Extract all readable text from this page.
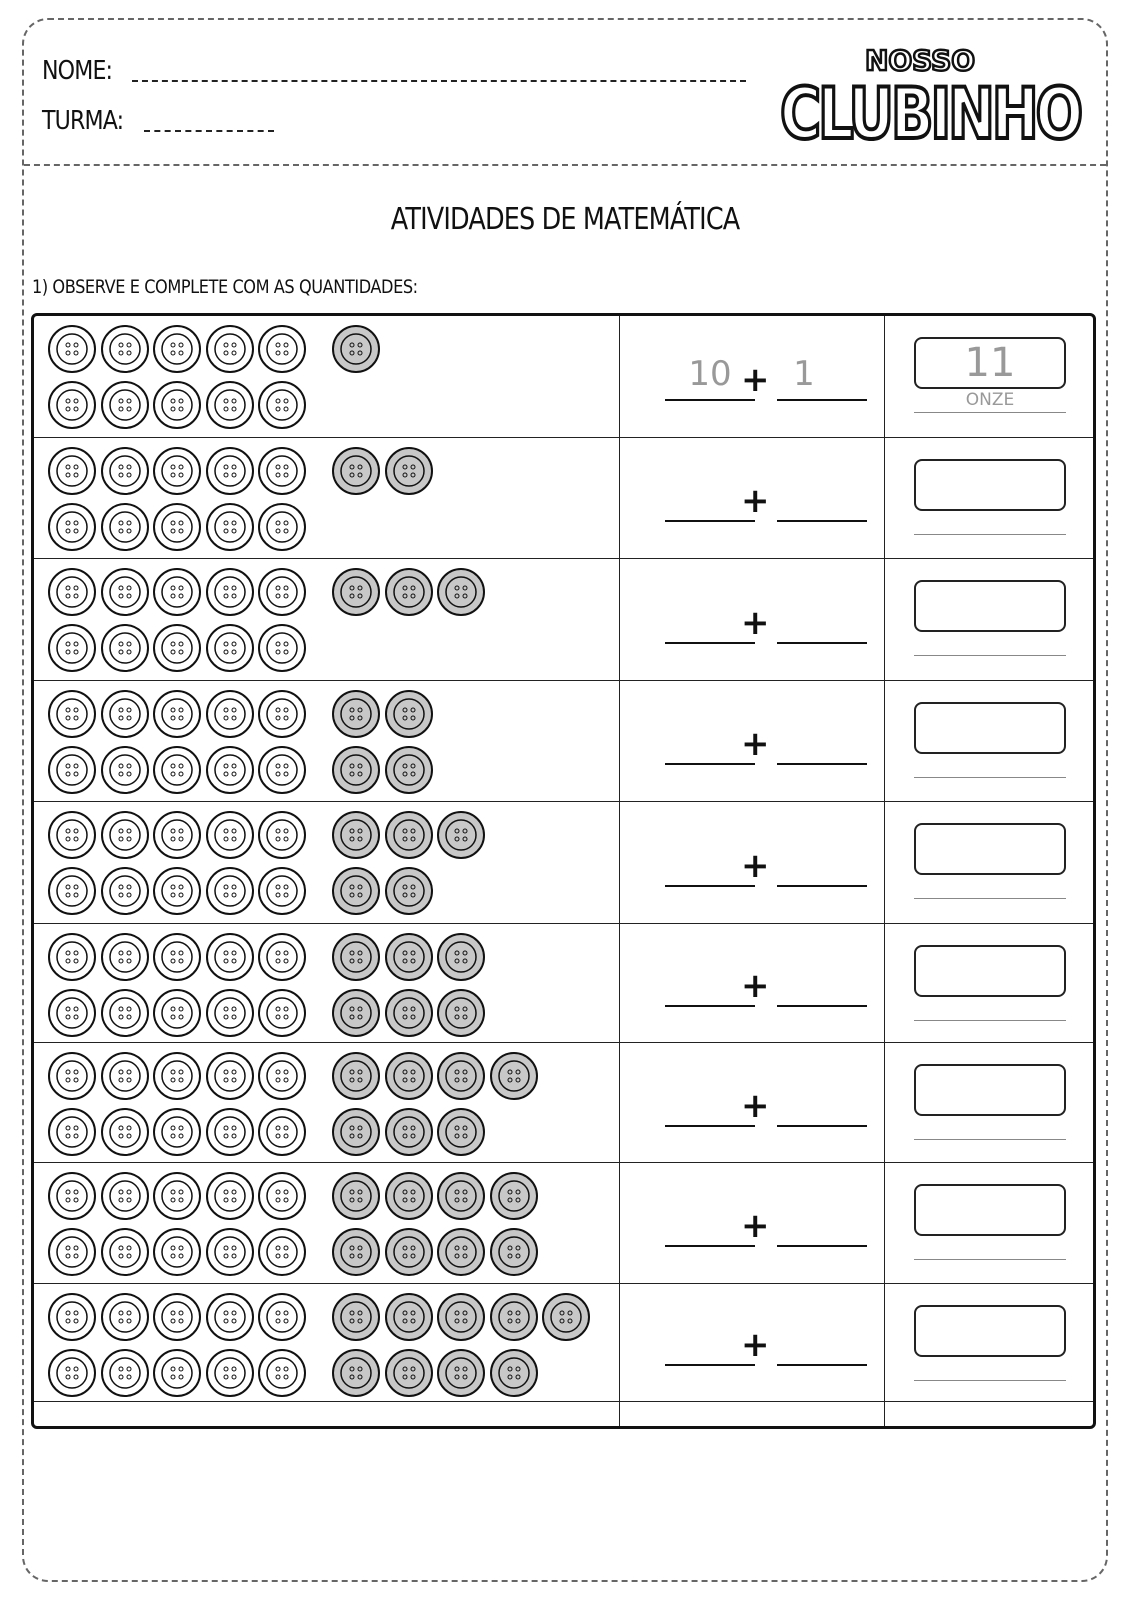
NOME:
TURMA:
NOSSO
CLUBINHO
ATIVIDADES DE MATEMÁTICA
1) OBSERVE E COMPLETE COM AS QUANTIDADES:
+
10	1	11
ONZE
+
+
+
+
+
+
+
+
